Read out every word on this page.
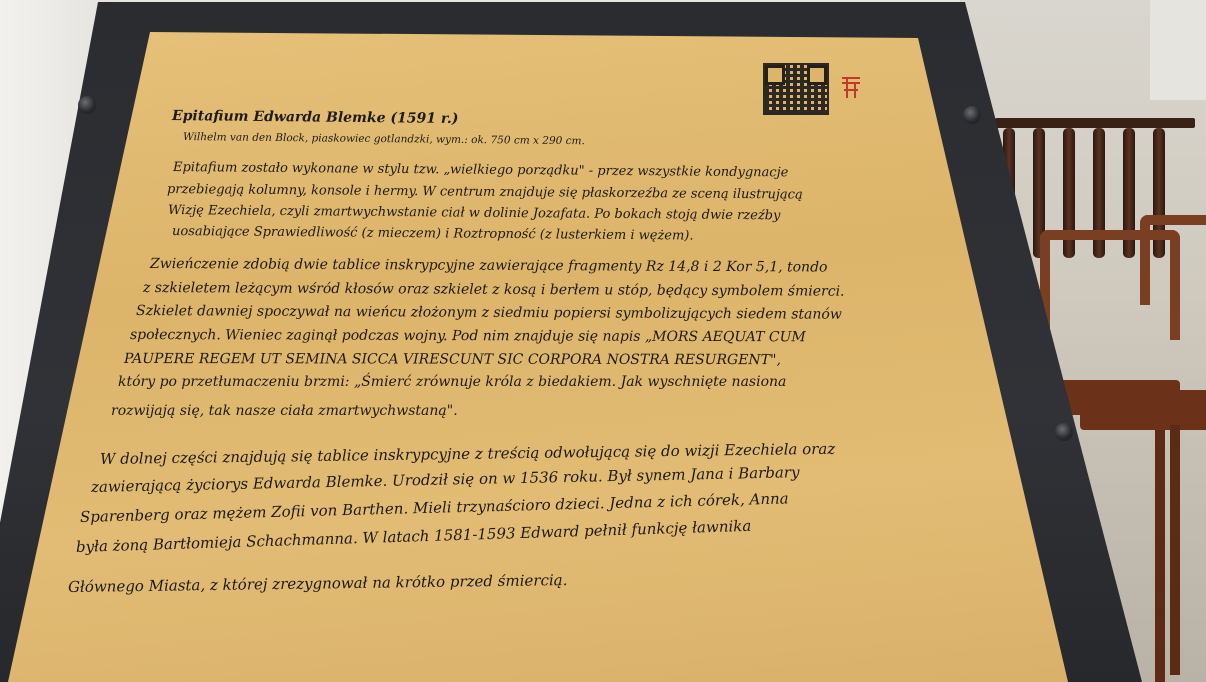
Epitafium Edwarda Blemke (1591 r.)
Wilhelm van den Block, piaskowiec gotlandzki, wym.: ok. 750 cm x 290 cm.
Epitafium zostało wykonane w stylu tzw. „wielkiego porządku" - przez wszystkie kondygnacje
przebiegają kolumny, konsole i hermy. W centrum znajduje się płaskorzeźba ze sceną ilustrującą
Wizję Ezechiela, czyli zmartwychwstanie ciał w dolinie Jozafata. Po bokach stoją dwie rzeźby
uosabiające Sprawiedliwość (z mieczem) i Roztropność (z lusterkiem i wężem).
Zwieńczenie zdobią dwie tablice inskrypcyjne zawierające fragmenty Rz 14,8 i 2 Kor 5,1, tondo
z szkieletem leżącym wśród kłosów oraz szkielet z kosą i berłem u stóp, będący symbolem śmierci.
Szkielet dawniej spoczywał na wieńcu złożonym z siedmiu popiersi symbolizujących siedem stanów
społecznych. Wieniec zaginął podczas wojny. Pod nim znajduje się napis „MORS AEQUAT CUM
PAUPERE REGEM UT SEMINA SICCA VIRESCUNT SIC CORPORA NOSTRA RESURGENT",
który po przetłumaczeniu brzmi: „Śmierć zrównuje króla z biedakiem. Jak wyschnięte nasiona
rozwijają się, tak nasze ciała zmartwychwstaną".
W dolnej części znajdują się tablice inskrypcyjne z treścią odwołującą się do wizji Ezechiela oraz
zawierającą życiorys Edwarda Blemke. Urodził się on w 1536 roku. Był synem Jana i Barbary
Sparenberg oraz mężem Zofii von Barthen. Mieli trzynaścioro dzieci. Jedna z ich córek, Anna
była żoną Bartłomieja Schachmanna. W latach 1581-1593 Edward pełnił funkcję ławnika
Głównego Miasta, z której zrezygnował na krótko przed śmiercią.
